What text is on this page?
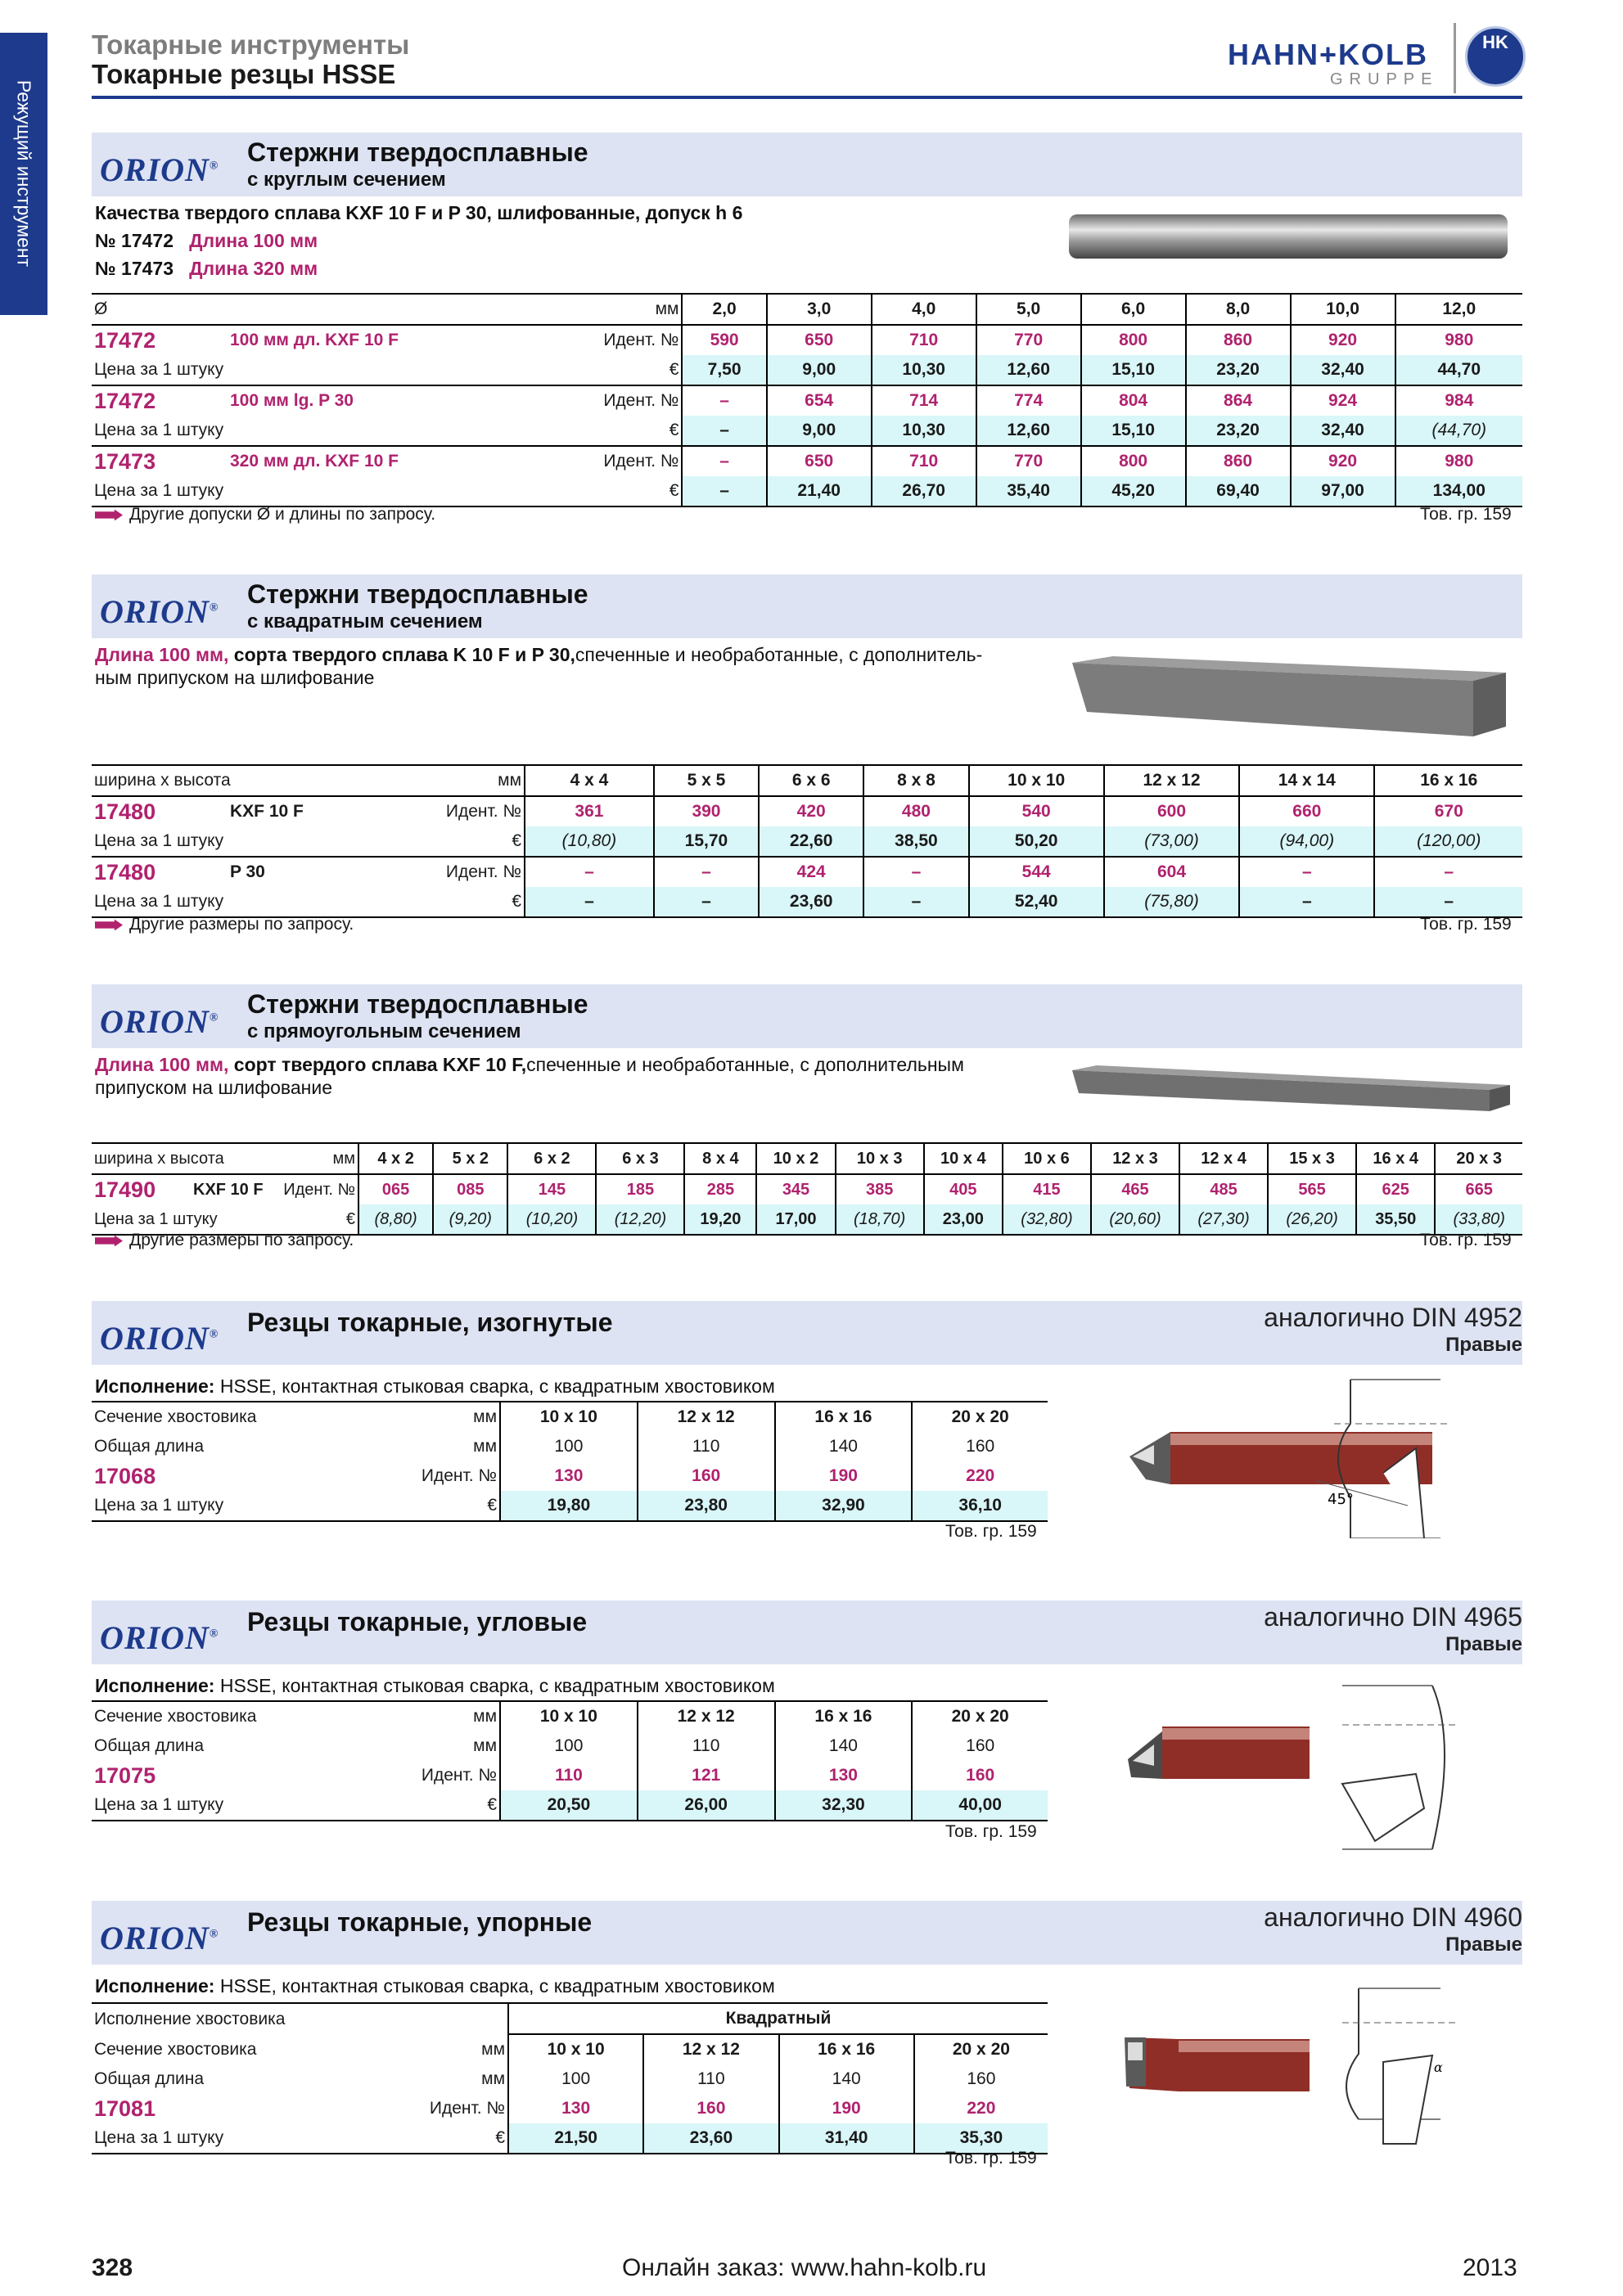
Режущий инструмент
Токарные инструменты
Токарные резцы HSSE
HAHN+KOLB
GRUPPE
HK
ORION® Стержни твердосплавные
с круглым сечением
Качества твердого сплава KXF 10 F и P 30, шлифованные, допуск h 6
№ 17472 Длина 100 мм
№ 17473 Длина 320 мм
Ø		мм	2,0	3,0	4,0	5,0	6,0	8,0	10,0	12,0
17472	100 мм дл. KXF 10 F	Идент. №	590	650	710	770	800	860	920	980
Цена за 1 штуку		€	7,50	9,00	10,30	12,60	15,10	23,20	32,40	44,70
17472	100 мм lg. P 30	Идент. №	–	654	714	774	804	864	924	984
Цена за 1 штуку		€	–	9,00	10,30	12,60	15,10	23,20	32,40	(44,70)
17473	320 мм дл. KXF 10 F	Идент. №	–	650	710	770	800	860	920	980
Цена за 1 штуку		€	–	21,40	26,70	35,40	45,20	69,40	97,00	134,00
Другие допуски Ø и длины по запросу.	Тов. гр. 159
ORION® Стержни твердосплавные
с квадратным сечением
Длина 100 мм, сорта твердого сплава K 10 F и P 30,спеченные и необработанные, с дополнитель-
ным припуском на шлифование
ширина x высота		мм	4 x 4	5 x 5	6 x 6	8 x 8	10 x 10	12 x 12	14 x 14	16 x 16
17480	KXF 10 F	Идент. №	361	390	420	480	540	600	660	670
Цена за 1 штуку		€	(10,80)	15,70	22,60	38,50	50,20	(73,00)	(94,00)	(120,00)
17480	P 30	Идент. №	–	–	424	–	544	604	–	–
Цена за 1 штуку		€	–	–	23,60	–	52,40	(75,80)	–	–
Другие размеры по запросу.	Тов. гр. 159
ORION® Стержни твердосплавные
с прямоугольным сечением
Длина 100 мм, сорт твердого сплава KXF 10 F,спеченные и необработанные, с дополнительным
припуском на шлифование
ширина x высота		мм	4 x 2	5 x 2	6 x 2	6 x 3	8 x 4	10 x 2	10 x 3	10 x 4	10 x 6	12 x 3	12 x 4	15 x 3	16 x 4	20 x 3
17490	KXF 10 F	Идент. №	065	085	145	185	285	345	385	405	415	465	485	565	625	665
Цена за 1 штуку		€	(8,80)	(9,20)	(10,20)	(12,20)	19,20	17,00	(18,70)	23,00	(32,80)	(20,60)	(27,30)	(26,20)	35,50	(33,80)
Другие размеры по запросу.	Тов. гр. 159
ORION® Резцы токарные, изогнутые	аналогично DIN 4952
Правые
Исполнение: HSSE, контактная стыковая сварка, с квадратным хвостовиком
Сечение хвостовика		мм	10 x 10	12 x 12	16 x 16	20 x 20
Общая длина		мм	100	110	140	160
17068		Идент. №	130	160	190	220
Цена за 1 штуку		€	19,80	23,80	32,90	36,10
Тов. гр. 159
45°
ORION® Резцы токарные, угловые	аналогично DIN 4965
Правые
Исполнение: HSSE, контактная стыковая сварка, с квадратным хвостовиком
Сечение хвостовика		мм	10 x 10	12 x 12	16 x 16	20 x 20
Общая длина		мм	100	110	140	160
17075		Идент. №	110	121	130	160
Цена за 1 штуку		€	20,50	26,00	32,30	40,00
Тов. гр. 159
ORION® Резцы токарные, упорные	аналогично DIN 4960
Правые
Исполнение: HSSE, контактная стыковая сварка, с квадратным хвостовиком
Исполнение хвостовика			Квадратный			
Сечение хвостовика		мм	10 x 10	12 x 12	16 x 16	20 x 20
Общая длина		мм	100	110	140	160
17081		Идент. №	130	160	190	220
Цена за 1 штуку		€	21,50	23,60	31,40	35,30
Тов. гр. 159
α
328	Онлайн заказ: www.hahn-kolb.ru	2013
